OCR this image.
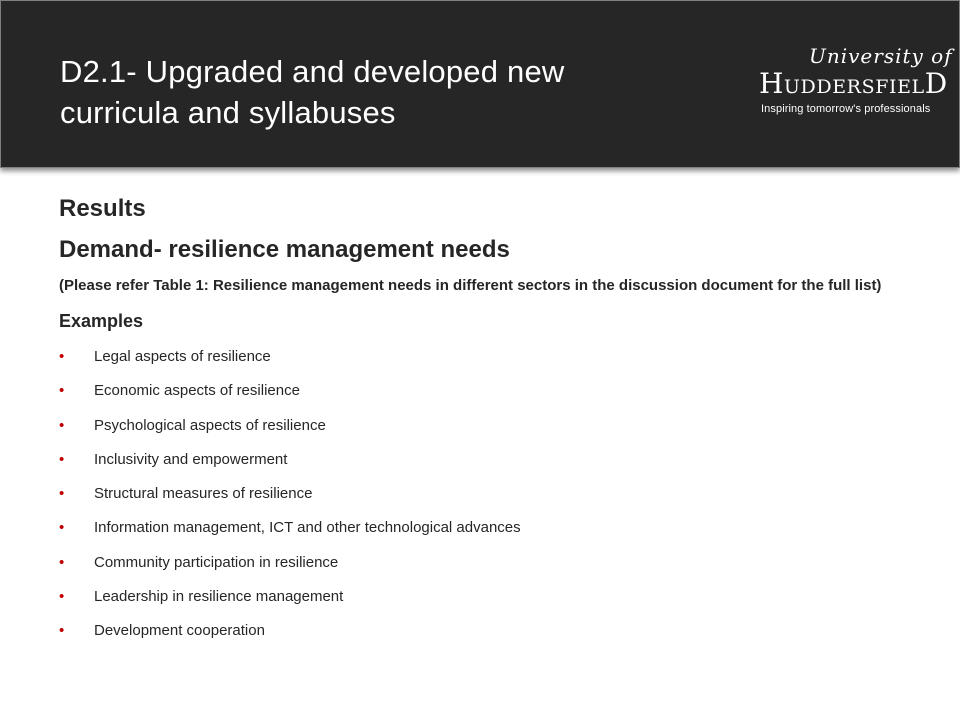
D2.1- Upgraded and developed new
curricula and syllabuses
University of
HUDDERSFIELD
Inspiring tomorrow's professionals
Results
Demand- resilience management needs

(Please refer Table 1: Resilience management needs in different sectors in the discussion document for the full list)

Examples
• Legal aspects of resilience
• Economic aspects of resilience
• Psychological aspects of resilience
• Inclusivity and empowerment
• Structural measures of resilience
• Information management, ICT and other technological advances
• Community participation in resilience
• Leadership in resilience management
• Development cooperation
